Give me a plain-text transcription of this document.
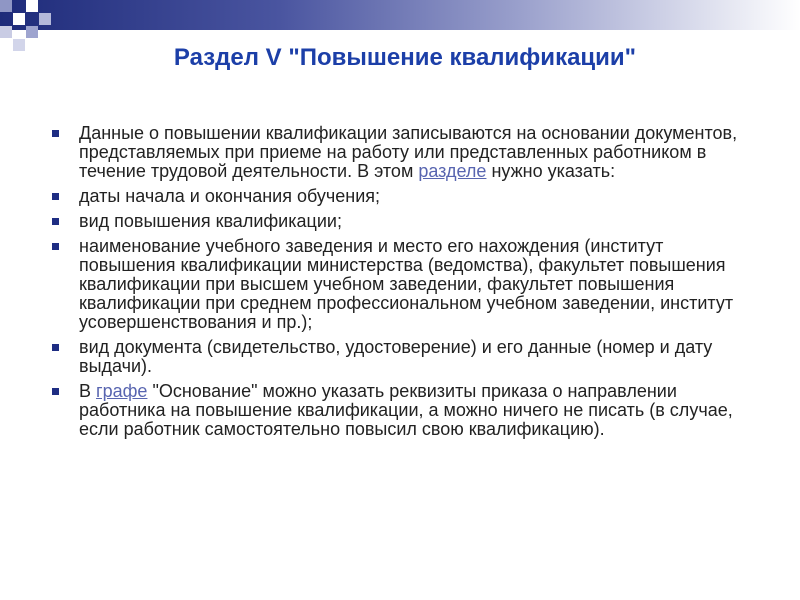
Раздел V "Повышение квалификации"
Данные о повышении квалификации записываются на основании документов, представляемых при приеме на работу или представленных работником в течение трудовой деятельности. В этом разделе нужно указать:
даты начала и окончания обучения;
вид повышения квалификации;
наименование учебного заведения и место его нахождения (институт повышения квалификации министерства (ведомства), факультет повышения квалификации при высшем учебном заведении, факультет повышения квалификации при среднем профессиональном учебном заведении, институт усовершенствования и пр.);
вид документа (свидетельство, удостоверение) и его данные (номер и дату выдачи).
В графе "Основание" можно указать реквизиты приказа о направлении работника на повышение квалификации, а можно ничего не писать (в случае, если работник самостоятельно повысил свою квалификацию).
